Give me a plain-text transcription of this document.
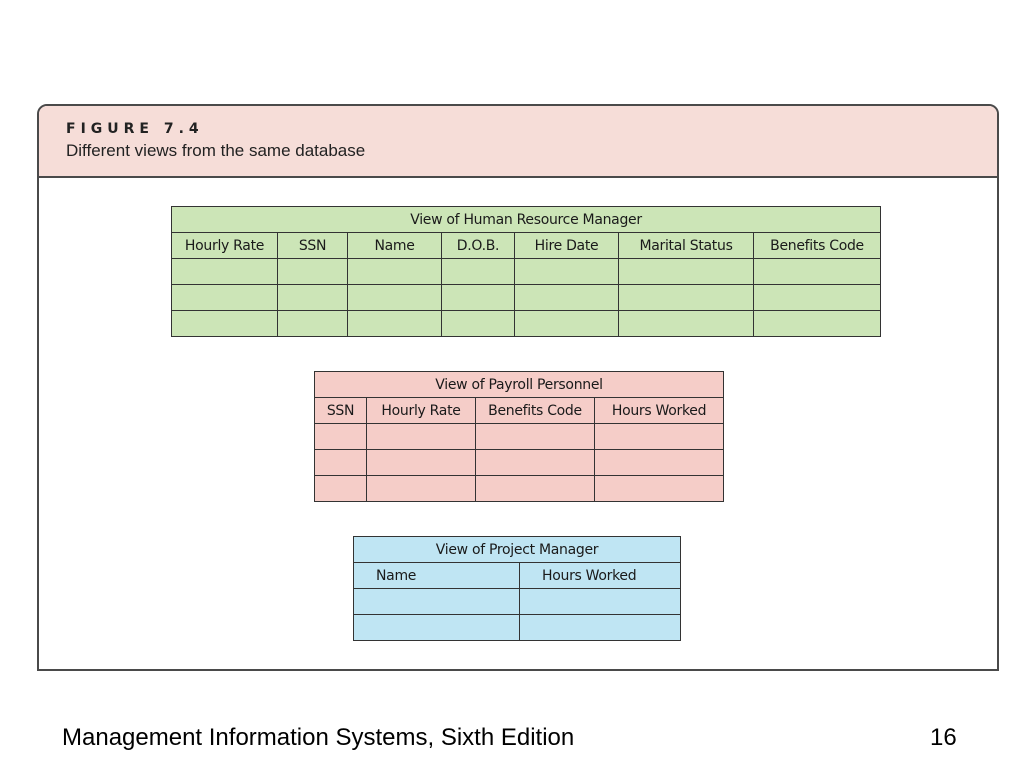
FIGURE 7.4
Different views from the same database
View of Human Resource Manager						
Hourly Rate	SSN	Name	D.O.B.	Hire Date	Marital Status	Benefits Code

View of Payroll Personnel			
SSN	Hourly Rate	Benefits Code	Hours Worked

View of Project Manager	
Name	Hours Worked

Management Information Systems, Sixth Edition	16
